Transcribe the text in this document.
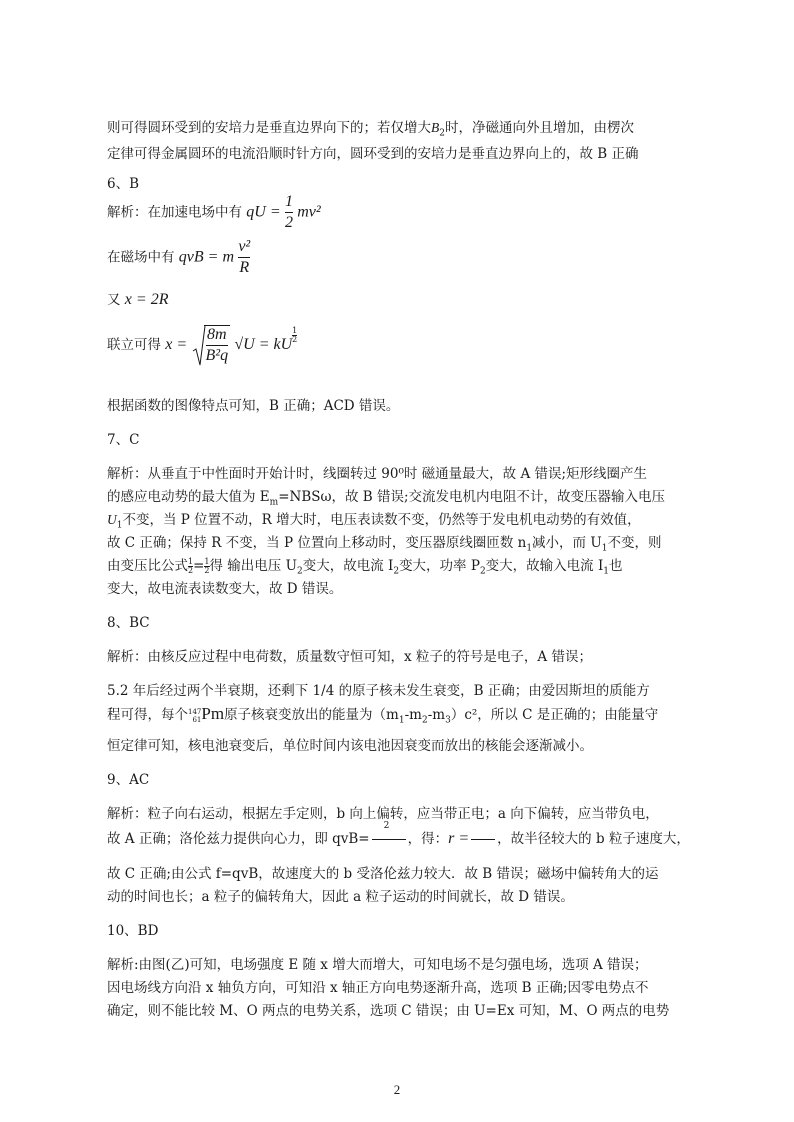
则可得圆环受到的安培力是垂直边界向下的；若仅增大$B_2$时，净磁通向外且增加，由楞次
定律可得金属圆环的电流沿顺时针方向，圆环受到的安培力是垂直边界向上的，故 B 正确
6、B
解析：在加速电场中有 qU = $\frac{1}{2} mv^2$
在磁场中有 qvB = m $\frac{\text{v²}}{R}$
又 x = 2R
联立可得 $x = \frac{8m}{\text{B²q}} √U$ = kU
$\frac{1}{2}$
根据函数的图像特点可知，B 正确；ACD 错误。
7、C
解析：从垂直于中性面时开始计时，线圈转过 90⁰时 磁通量最大，故 A 错误;矩形线圈产生
的感应电动势的最大值为 $E_m=NBS\omega$，故 B 错误;交流发电机内电阻不计，故变压器输入电压
$U_1$不变，当 P 位置不动，R 增大时，电压表读数不变，仍然等于发电机电动势的有效值，
故 C 正确；保持 R 不变，当 P 位置向上移动时，变压器原线圈匝数 $n_1$减小，而 $U_1$不变，则
由变压比公式 $\frac{1}{2} = \frac{1}{2}$ 得 输出电压 $U_2$变大，故电流 $I_2$变大，功率 $P_2$变大，故输入电流 $I_1$也
变大，故电流表读数变大，故 D 错误。
8、BC
解析：由核反应过程中电荷数，质量数守恒可知，x 粒子的符号是电子，A 错误；
5.2 年后经过两个半衰期，还剩下 1/4 的原子核未发生衰变，B 正确；由爱因斯坦的质能方
程可得，每个 147
61 Pm原子核衰变放出的能量为$(m_1-m_2-m_3)c^2$，所以 C 是正确的；由能量守
恒定律可知，核电池衰变后，单位时间内该电池因衰变而放出的核能会逐渐减小。
9、AC
解析：粒子向右运动，根据左手定则，b 向上偏转，应当带正电；a 向下偏转，应当带负电，
故 A 正确；洛伦兹力提供向心力，即 qvB=
2
，得：r = ，故半径较大的 b 粒子速度大，
故 C 正确;由公式 f=qvB，故速度大的 b 受洛伦兹力较大．故 B 错误；磁场中偏转角大的运
动的时间也长；a 粒子的偏转角大，因此 a 粒子运动的时间就长，故 D 错误。
10、BD
解析:由图(乙)可知，电场强度 E 随 x 增大而增大，可知电场不是匀强电场，选项 A 错误；
因电场线方向沿 x 轴负方向，可知沿 x 轴正方向电势逐渐升高，选项 B 正确;因零电势点不
确定，则不能比较 M、O 两点的电势关系，选项 C 错误；由 U=Ex 可知，M、O 两点的电势
2
